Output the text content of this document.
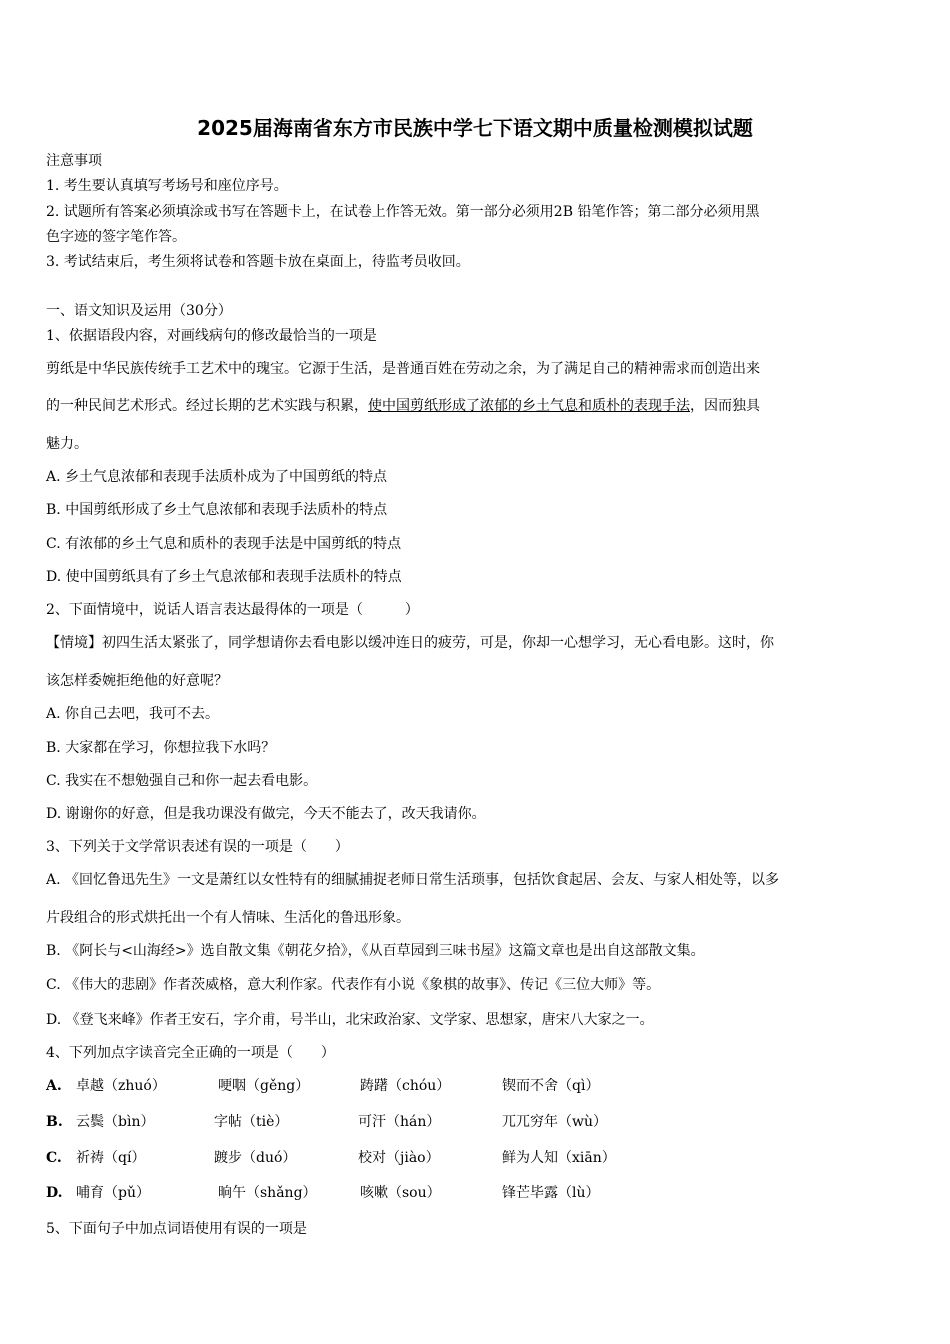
2025届海南省东方市民族中学七下语文期中质量检测模拟试题
注意事项
1. 考生要认真填写考场号和座位序号。
2. 试题所有答案必须填涂或书写在答题卡上，在试卷上作答无效。第一部分必须用2B 铅笔作答；第二部分必须用黑
色字迹的签字笔作答。
3. 考试结束后，考生须将试卷和答题卡放在桌面上，待监考员收回。
一、语文知识及运用（30分）
1、依据语段内容，对画线病句的修改最恰当的一项是
剪纸是中华民族传统手工艺术中的瑰宝。它源于生活，是普通百姓在劳动之余，为了满足自己的精神需求而创造出来
的一种民间艺术形式。经过长期的艺术实践与积累，使中国剪纸形成了浓郁的乡土气息和质朴的表现手法，因而独具
魅力。
A. 乡土气息浓郁和表现手法质朴成为了中国剪纸的特点
B. 中国剪纸形成了乡土气息浓郁和表现手法质朴的特点
C. 有浓郁的乡土气息和质朴的表现手法是中国剪纸的特点
D. 使中国剪纸具有了乡土气息浓郁和表现手法质朴的特点
2、下面情境中，说话人语言表达最得体的一项是（　　　）
【情境】初四生活太紧张了，同学想请你去看电影以缓冲连日的疲劳，可是，你却一心想学习，无心看电影。这时，你
该怎样委婉拒绝他的好意呢？
A. 你自己去吧，我可不去。
B. 大家都在学习，你想拉我下水吗？
C. 我实在不想勉强自己和你一起去看电影。
D. 谢谢你的好意，但是我功课没有做完，今天不能去了，改天我请你。
3、下列关于文学常识表述有误的一项是（　　）
A. 《回忆鲁迅先生》一文是萧红以女性特有的细腻捕捉老师日常生活琐事，包括饮食起居、会友、与家人相处等，以多
片段组合的形式烘托出一个有人情味、生活化的鲁迅形象。
B. 《阿长与<山海经>》选自散文集《朝花夕拾》，《从百草园到三味书屋》这篇文章也是出自这部散文集。
C. 《伟大的悲剧》作者茨威格，意大利作家。代表作有小说《象棋的故事》、传记《三位大师》等。
D. 《登飞来峰》作者王安石，字介甫，号半山，北宋政治家、文学家、思想家，唐宋八大家之一。
4、下列加点字读音完全正确的一项是（　　）
A. 卓越（zhuó）	哽咽（gěng）	踌躇（chóu）	锲而不舍（qì）
B. 云鬓（bìn）	字帖（tiè）	可汗（hán）	兀兀穷年（wù）
C. 祈祷（qí）	踱步（duó）	校对（jiào）	鲜为人知（xiān）
D. 哺育（pǔ）	晌午（shǎng）	咳嗽（sou）	锋芒毕露（lù）
5、下面句子中加点词语使用有误的一项是
